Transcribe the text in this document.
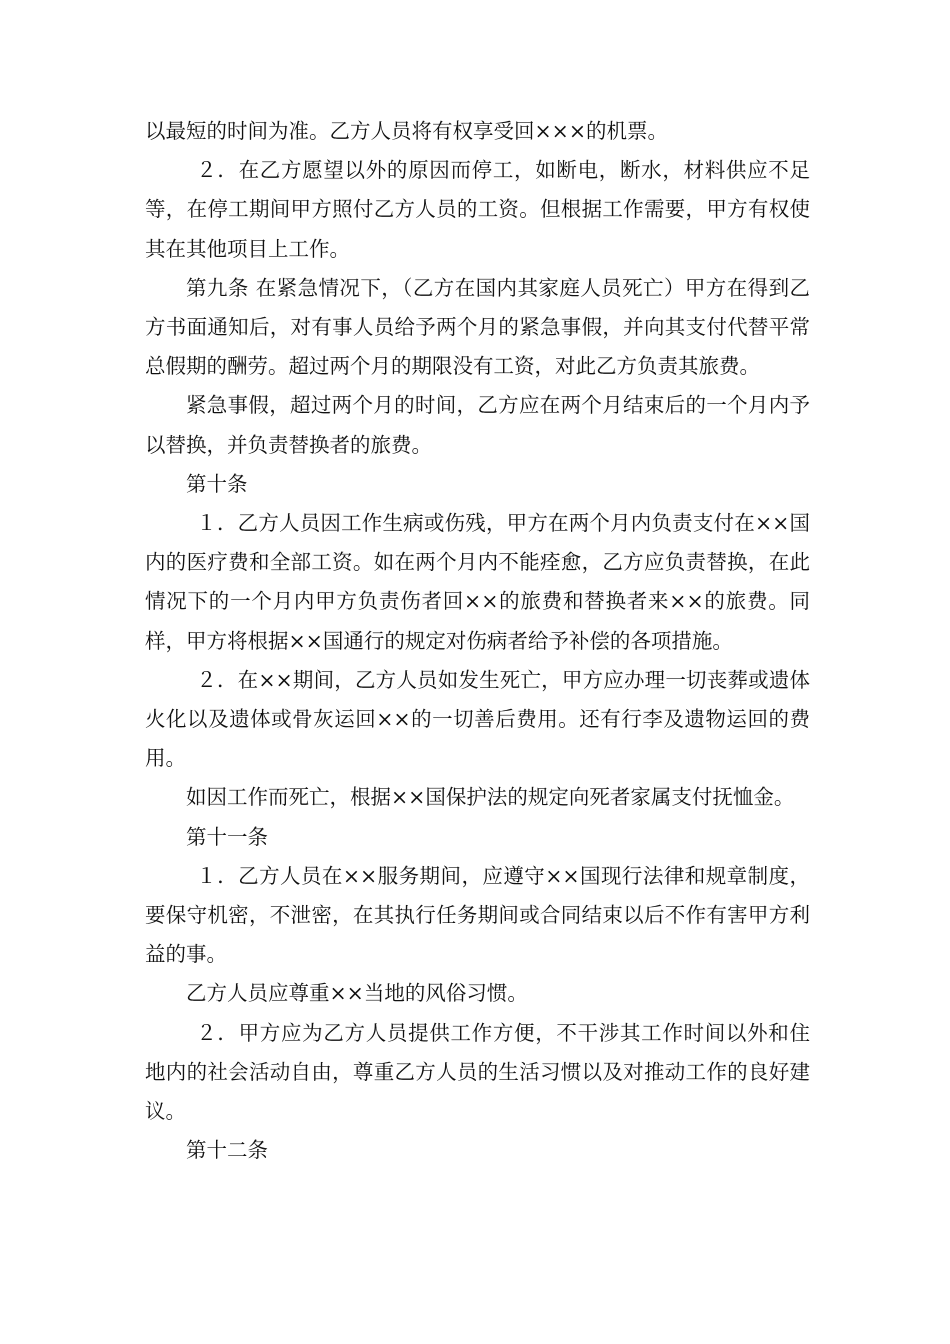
以最短的时间为准。乙方人员将有权享受回×××的机票。

２．在乙方愿望以外的原因而停工，如断电，断水，材料供应不足等，在停工期间甲方照付乙方人员的工资。但根据工作需要，甲方有权使其在其他项目上工作。

第九条 在紧急情况下，（乙方在国内其家庭人员死亡）甲方在得到乙方书面通知后，对有事人员给予两个月的紧急事假，并向其支付代替平常总假期的酬劳。超过两个月的期限没有工资，对此乙方负责其旅费。

紧急事假，超过两个月的时间，乙方应在两个月结束后的一个月内予以替换，并负责替换者的旅费。

第十条

１．乙方人员因工作生病或伤残，甲方在两个月内负责支付在××国内的医疗费和全部工资。如在两个月内不能痊愈，乙方应负责替换，在此情况下的一个月内甲方负责伤者回××的旅费和替换者来××的旅费。同样，甲方将根据××国通行的规定对伤病者给予补偿的各项措施。

２．在××期间，乙方人员如发生死亡，甲方应办理一切丧葬或遗体火化以及遗体或骨灰运回××的一切善后费用。还有行李及遗物运回的费用。

如因工作而死亡，根据××国保护法的规定向死者家属支付抚恤金。

第十一条

１．乙方人员在××服务期间，应遵守××国现行法律和规章制度，要保守机密，不泄密，在其执行任务期间或合同结束以后不作有害甲方利益的事。

乙方人员应尊重××当地的风俗习惯。

２．甲方应为乙方人员提供工作方便，不干涉其工作时间以外和住地内的社会活动自由，尊重乙方人员的生活习惯以及对推动工作的良好建议。

第十二条
